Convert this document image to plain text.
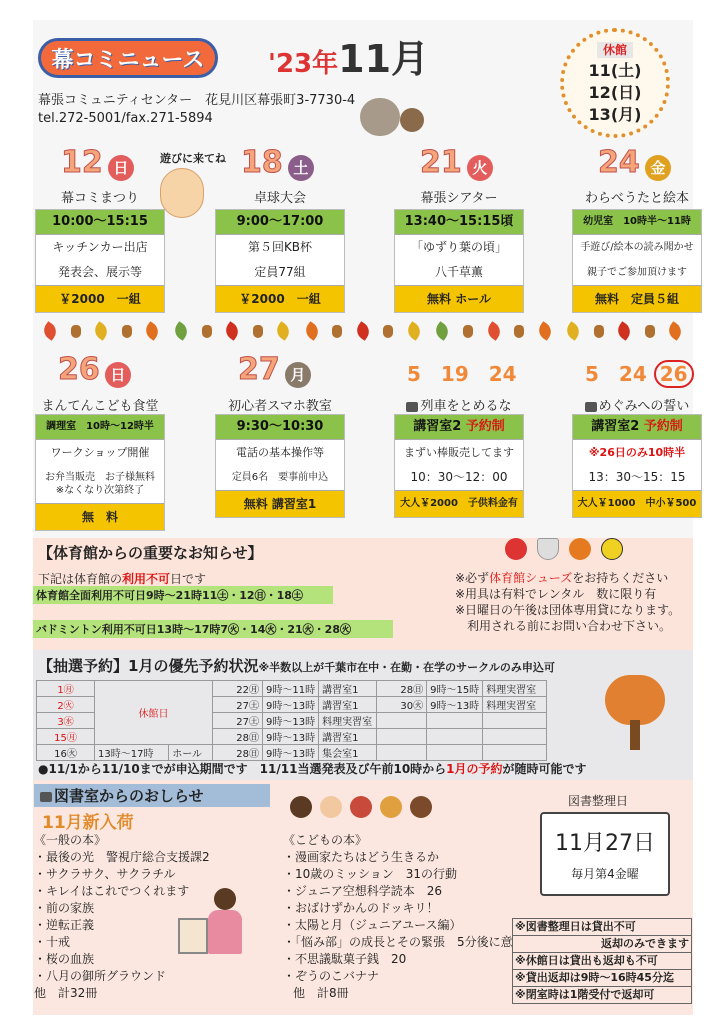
幕コミニュース	'23年11月
幕張コミュニティセンター　花見川区幕張町3-7730-4
tel.272-5001/fax.271-5894
休館
11(土)
12(日)
13(月)
遊びに来てね
12 日
幕コミまつり
10:00～15:15
キッチンカー出店
発表会、展示等
￥2000　一組
18 土
卓球大会
9:00～17:00
第５回KB杯
定員77組
￥2000　一組
21 火
幕張シアター
13:40～15:15頃
「ゆずり葉の頃」
八千草薫
無料 ホール
24 金
わらべうたと絵本
幼児室　10時半～11時
手遊び/絵本の読み聞かせ
親子でご参加頂けます
無料　定員５組
26 日
まんてんこども食堂
調理室　10時～12時半
ワークショップ開催
お弁当販売　お子様無料
※なくなり次第終了
無　料
27 月
初心者スマホ教室
9:30～10:30
電話の基本操作等
定員6名　要事前申込
無料 講習室1
5　19　24
列車をとめるな
講習室2 予約制
まずい棒販売してます
10：30～12：00
大人￥2000　子供料金有
5　24 26
めぐみへの誓い
講習室2 予約制
※26日のみ10時半
13：30～15：15
大人￥1000　中小￥500
【体育館からの重要なお知らせ】
下記は体育館の利用不可日です
体育館全面利用不可日9時～21時11㊏・12㊐・18㊏
バドミントン利用不可日13時～17時7㊋・14㊋・21㊋・28㊋
※必ず体育館シューズをお持ちください
※用具は有料でレンタル　数に限り有
※日曜日の午後は団体専用貸になります。
利用される前にお問い合わせ下さい。
【抽選予約】1月の優先予約状況※半数以上が千葉市在中・在勤・在学のサークルのみ申込可
1㊊	休館日		22㊊	9時～11時	講習室1	28㊐	9時～15時	料理実習室
2㊋			27㊏	9時～13時	講習室1	30㊋	9時～13時	料理実習室
3㊌			27㊏	9時～13時	料理実習室			
15㊊			28㊐	9時～13時	講習室1			
16㊋	13時～17時	ホール	28㊐	9時～13時	集会室1			
●11/1から11/10までが申込期間です　11/11当選発表及び午前10時から1月の予約が随時可能です
図書室からのおしらせ
11月新入荷
《一般の本》
・最後の光　警視庁総合支援課2
・サクラサク、サクラチル
・キレイはこれでつくれます
・前の家族
・逆転正義
・十戒
・桜の血族
・八月の御所グラウンド
他　計32冊
《こどもの本》
・漫画家たちはどう生きるか
・10歳のミッション　31の行動
・ジュニア空想科学読本　26
・おばけずかんのドッキリ！
・太陽と月（ジュニアユース編）
・「悩み部」の成長とその緊張　5分後に意
・不思議駄菓子銭　20
・ぞうのこバナナ
他　計8冊
図書整理日
11月27日
毎月第4金曜
※図書整理日は貸出不可
返却のみできます
※休館日は貸出も返却も不可
※貸出返却は9時～16時45分迄
※閉室時は1階受付で返却可
